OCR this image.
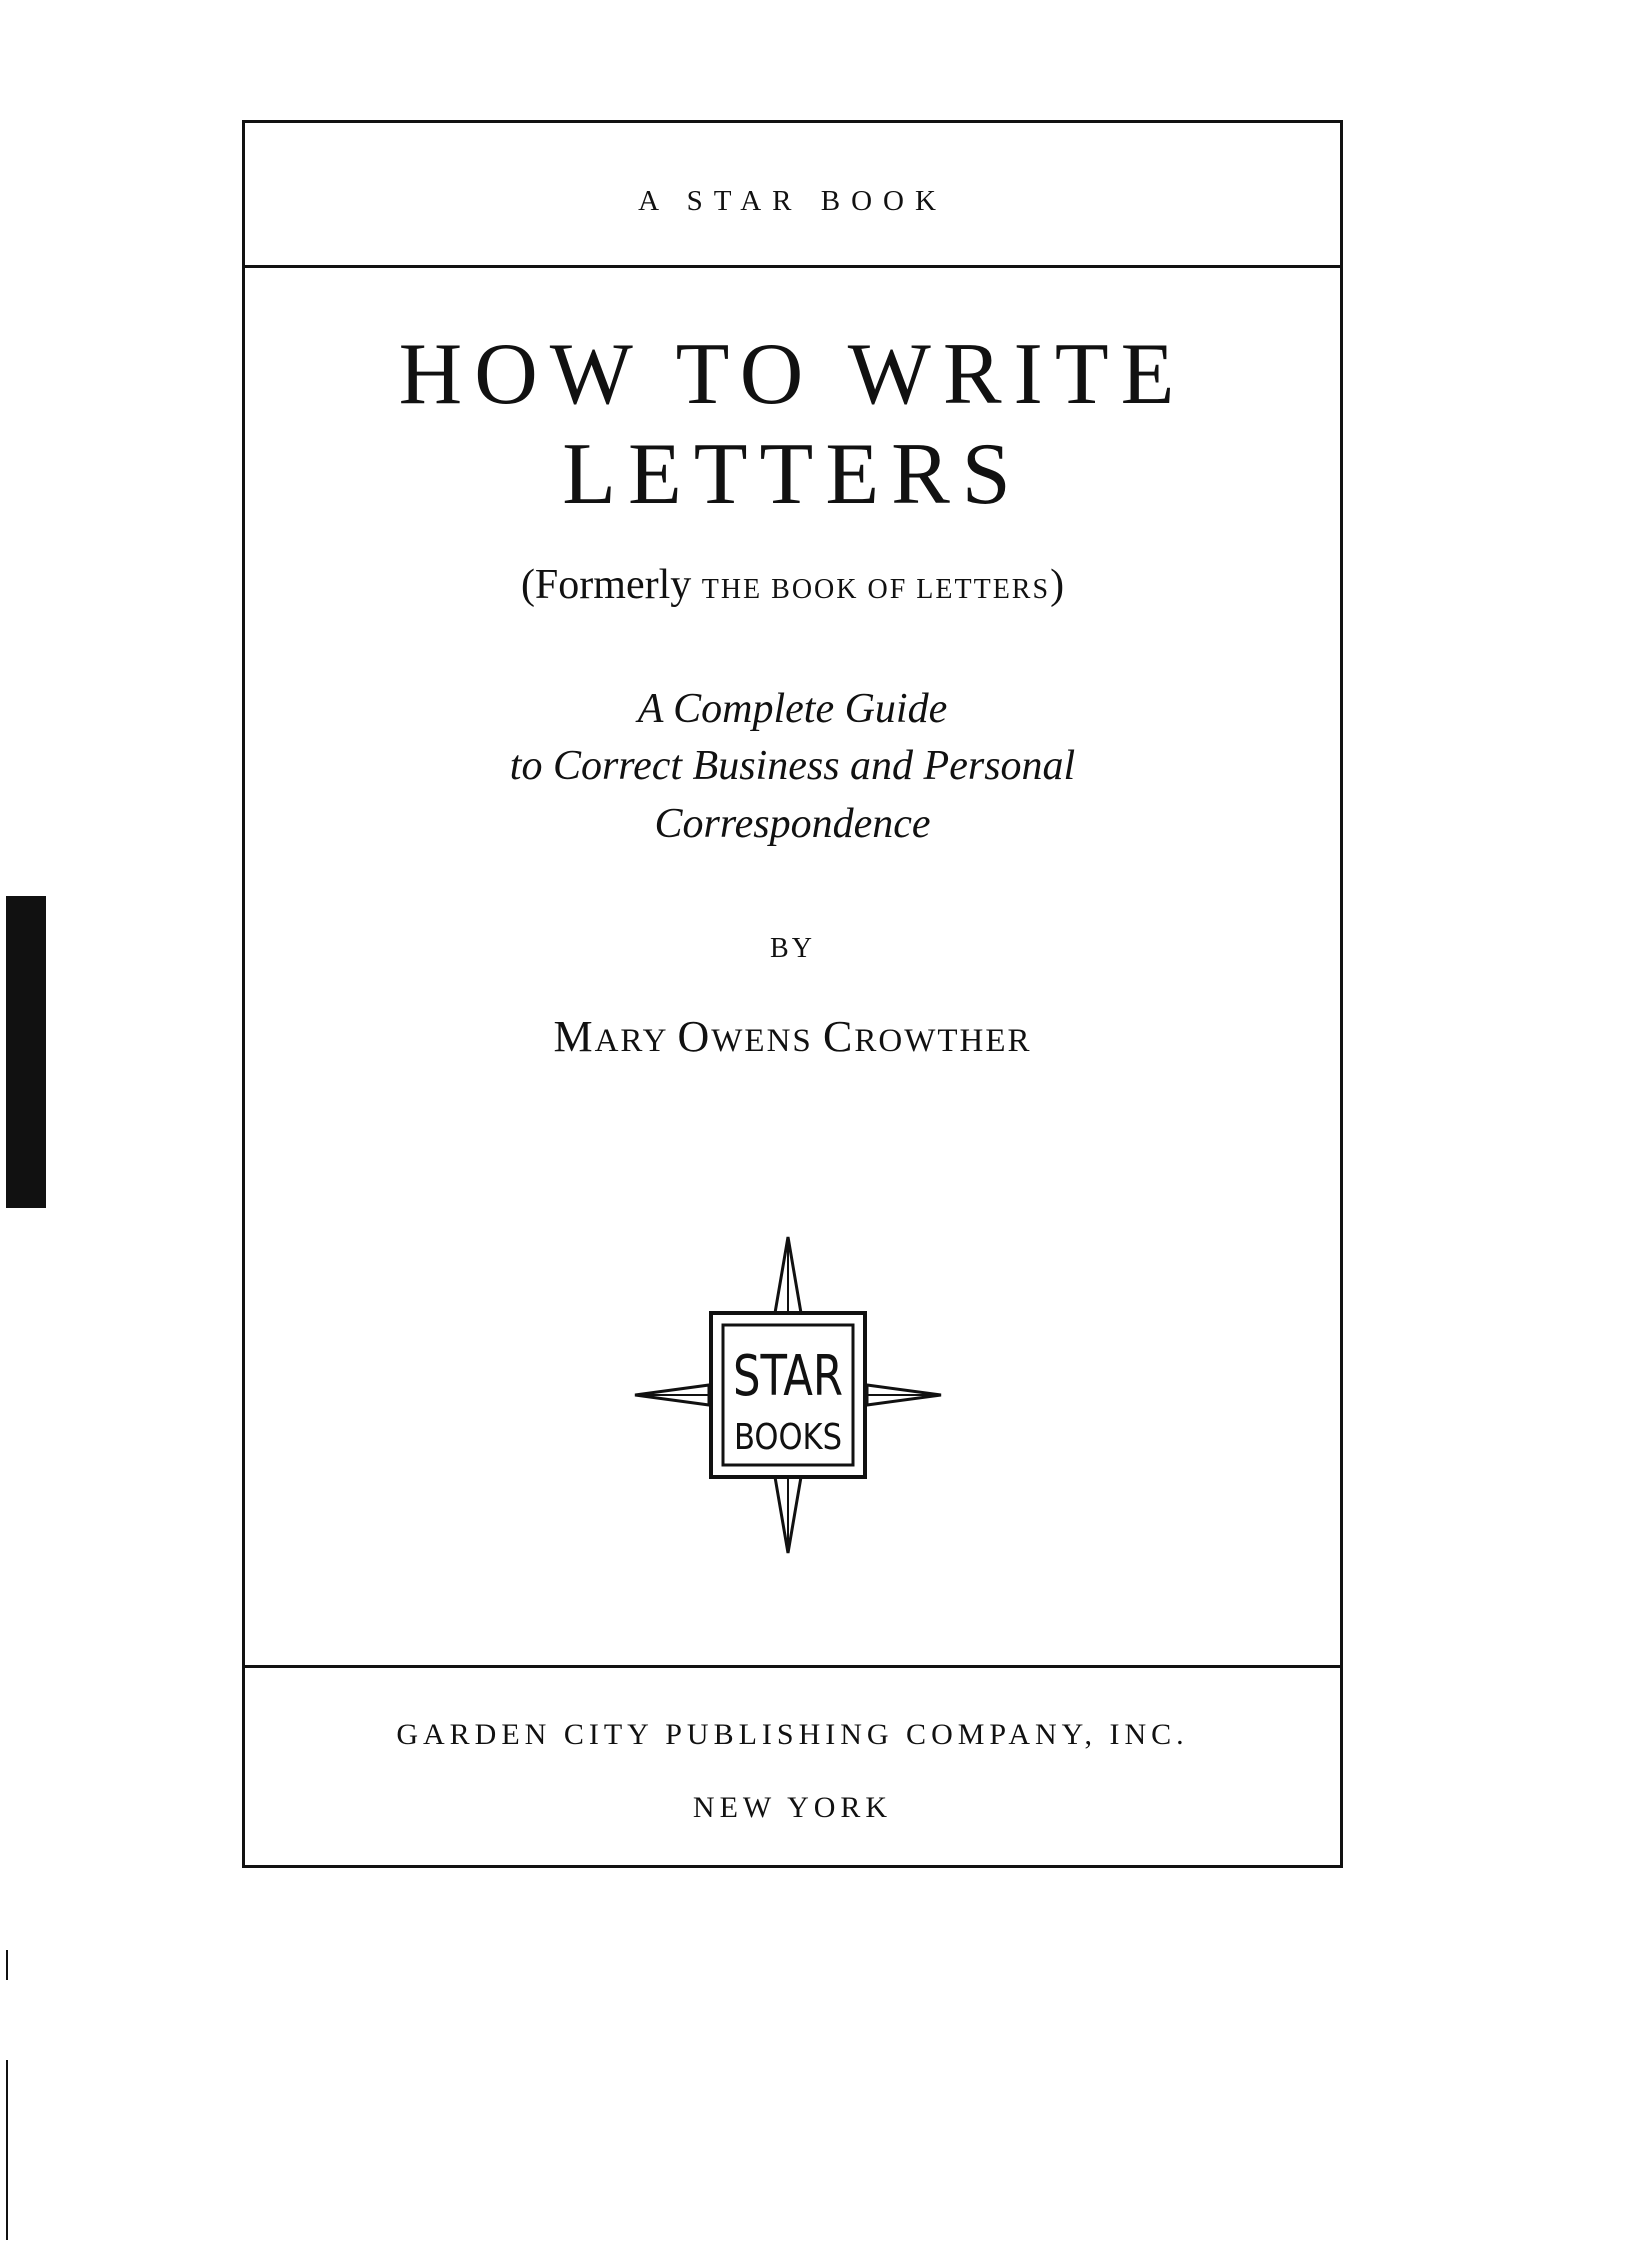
A STAR BOOK
HOW TO WRITE
LETTERS
(Formerly THE BOOK OF LETTERS)
A Complete Guide
to Correct Business and Personal
Correspondence
BY
MARY OWENS CROWTHER
STAR
BOOKS
GARDEN CITY PUBLISHING COMPANY, INC.
NEW YORK
